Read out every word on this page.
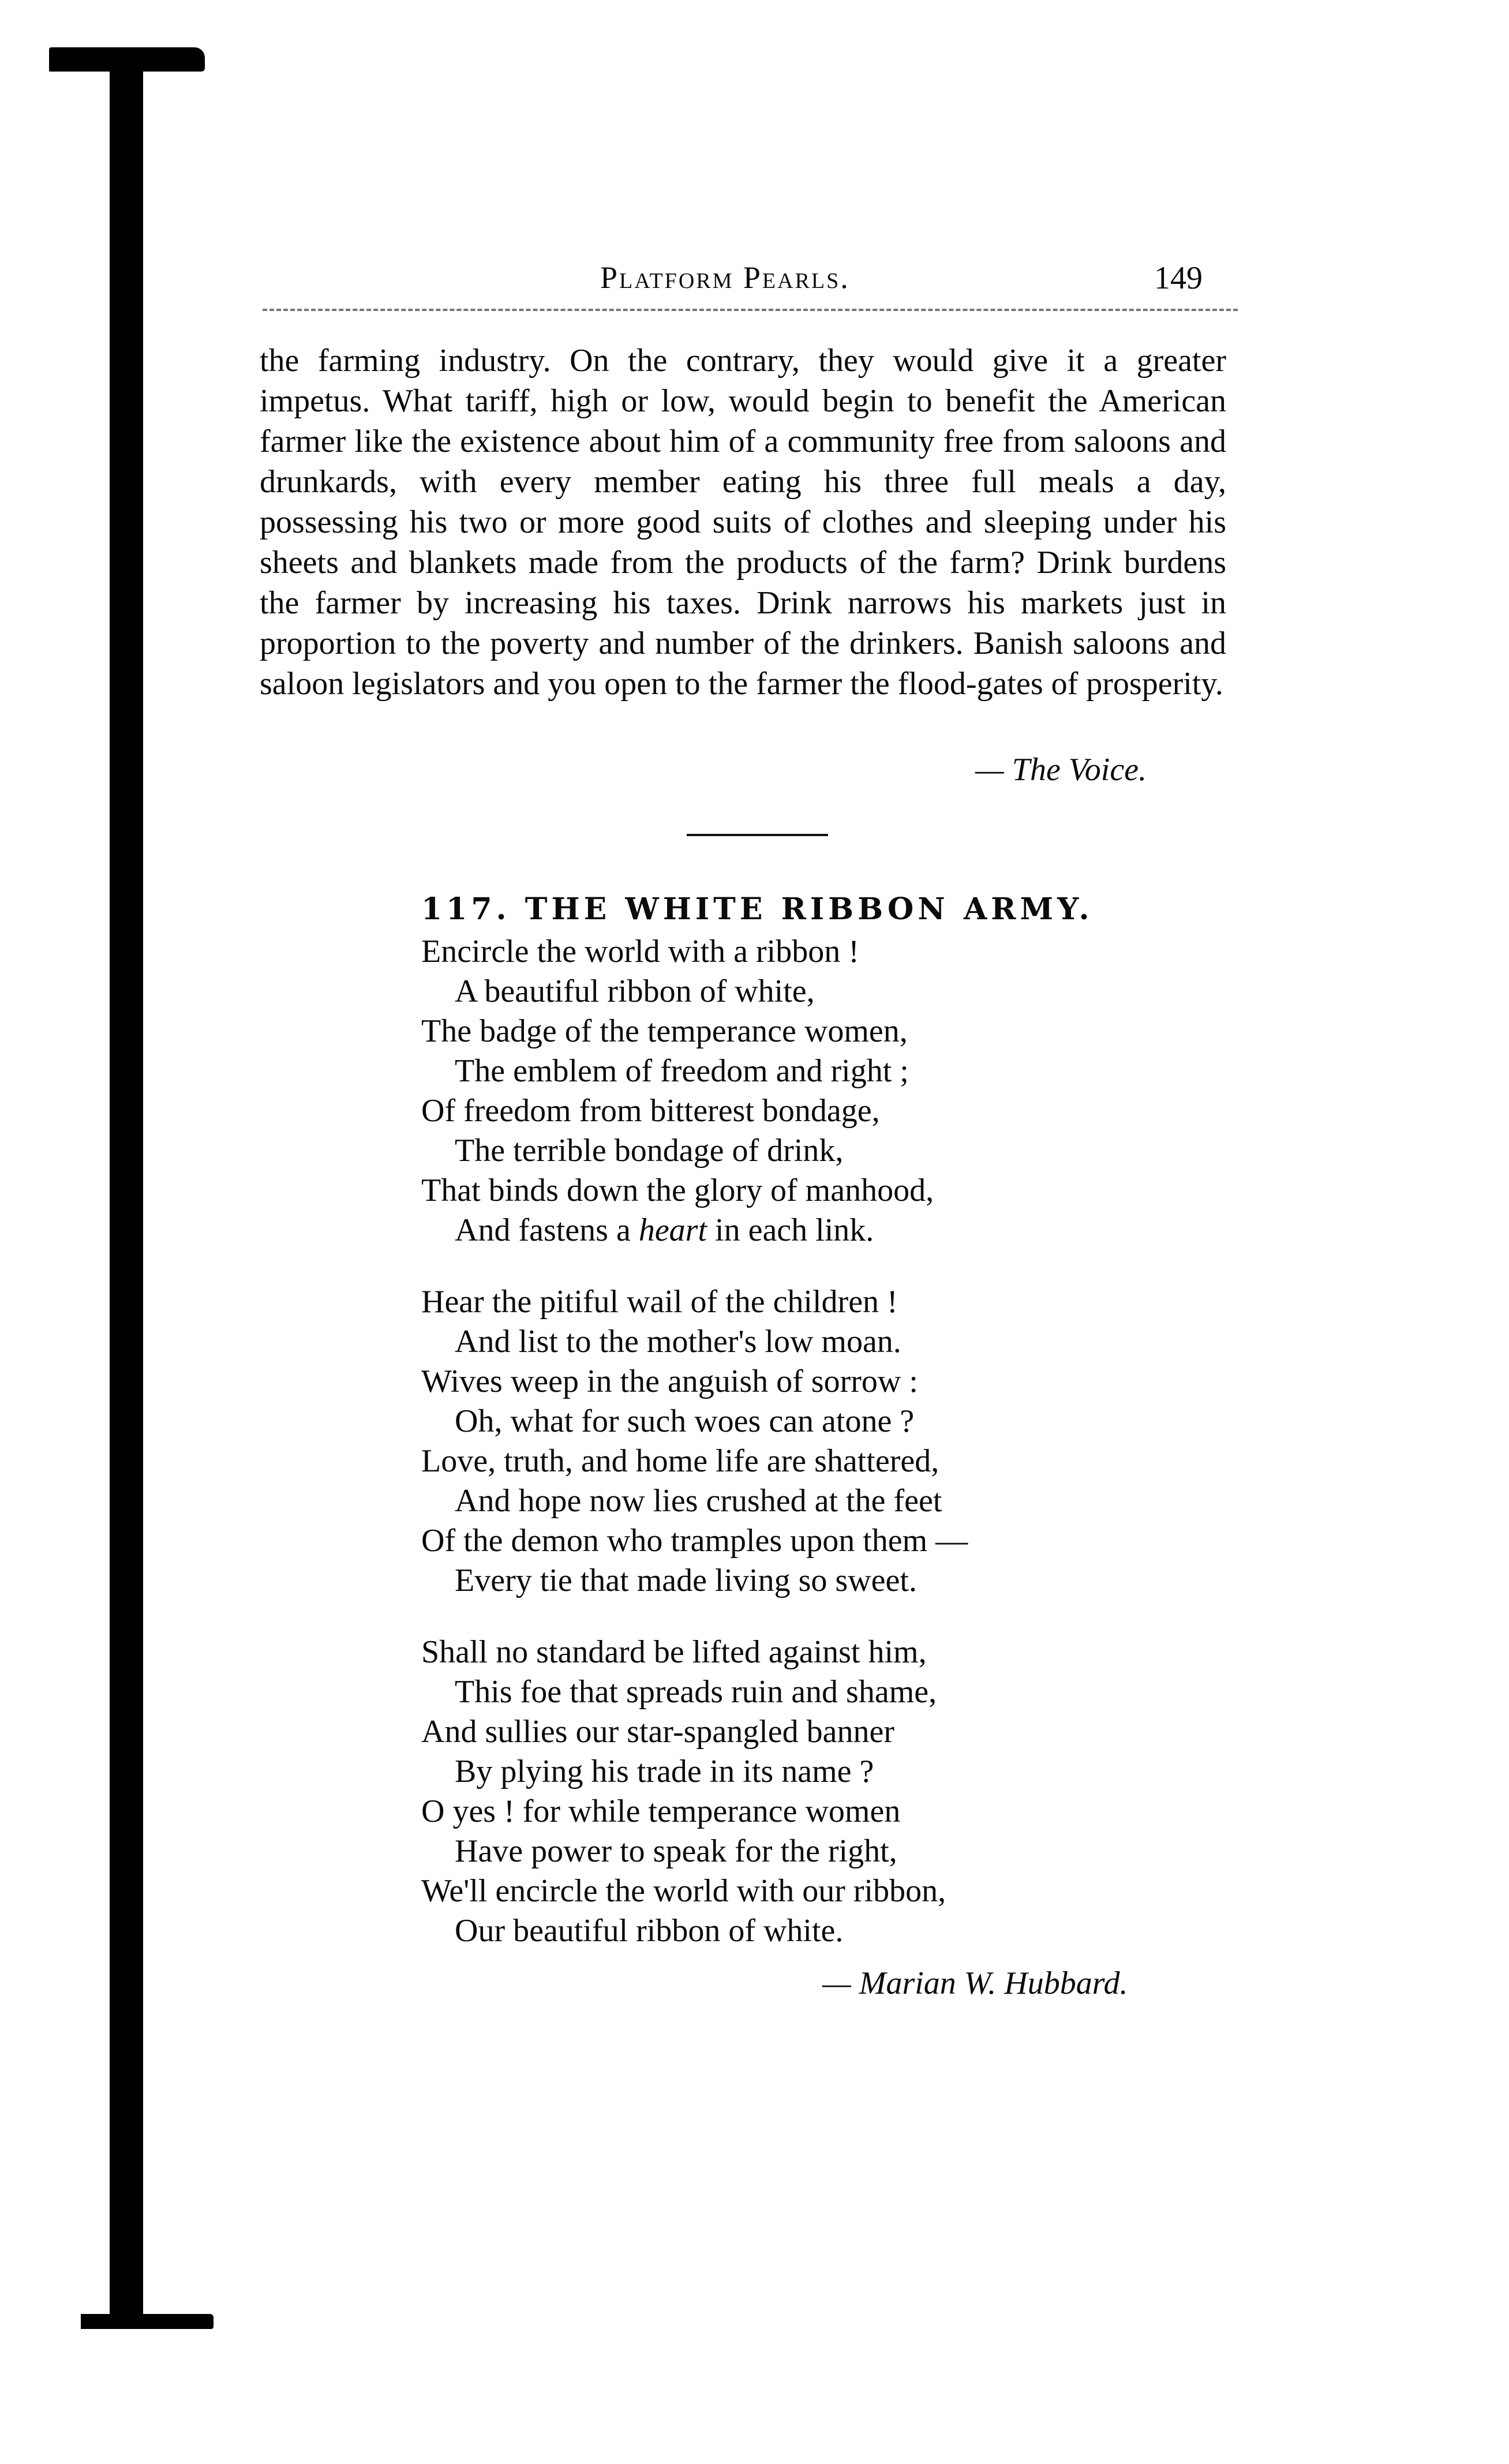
Platform Pearls.	149

the farming industry. On the contrary, they would give it a greater impetus. What tariff, high or low, would begin to benefit the American farmer like the existence about him of a community free from saloons and drunkards, with every member eating his three full meals a day, possessing his two or more good suits of clothes and sleeping under his sheets and blankets made from the products of the farm? Drink burdens the farmer by increasing his taxes. Drink narrows his markets just in proportion to the poverty and number of the drinkers. Banish saloons and saloon legislators and you open to the farmer the flood-gates of prosperity.

— The Voice.
117. THE WHITE RIBBON ARMY.
Encircle the world with a ribbon !
A beautiful ribbon of white,
The badge of the temperance women,
The emblem of freedom and right ;
Of freedom from bitterest bondage,
The terrible bondage of drink,
That binds down the glory of manhood,
And fastens a heart in each link.
Hear the pitiful wail of the children !
And list to the mother's low moan.
Wives weep in the anguish of sorrow :
Oh, what for such woes can atone ?
Love, truth, and home life are shattered,
And hope now lies crushed at the feet
Of the demon who tramples upon them —
Every tie that made living so sweet.
Shall no standard be lifted against him,
This foe that spreads ruin and shame,
And sullies our star-spangled banner
By plying his trade in its name ?
O yes ! for while temperance women
Have power to speak for the right,
We'll encircle the world with our ribbon,
Our beautiful ribbon of white.
— Marian W. Hubbard.
